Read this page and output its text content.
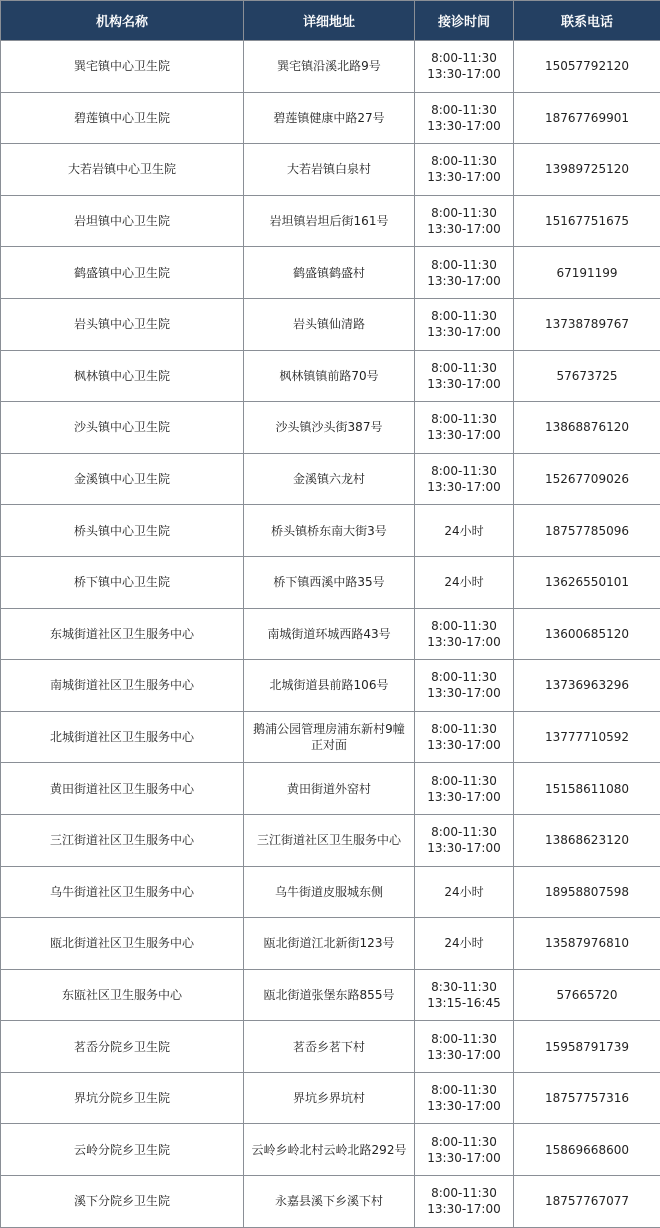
机构名称	详细地址	接诊时间	联系电话
巽宅镇中心卫生院	巽宅镇沿溪北路9号	8:00-11:30
13:30-17:00	15057792120
碧莲镇中心卫生院	碧莲镇健康中路27号	8:00-11:30
13:30-17:00	18767769901
大若岩镇中心卫生院	大若岩镇白泉村	8:00-11:30
13:30-17:00	13989725120
岩坦镇中心卫生院	岩坦镇岩坦后街161号	8:00-11:30
13:30-17:00	15167751675
鹤盛镇中心卫生院	鹤盛镇鹤盛村	8:00-11:30
13:30-17:00	67191199
岩头镇中心卫生院	岩头镇仙清路	8:00-11:30
13:30-17:00	13738789767
枫林镇中心卫生院	枫林镇镇前路70号	8:00-11:30
13:30-17:00	57673725
沙头镇中心卫生院	沙头镇沙头街387号	8:00-11:30
13:30-17:00	13868876120
金溪镇中心卫生院	金溪镇六龙村	8:00-11:30
13:30-17:00	15267709026
桥头镇中心卫生院	桥头镇桥东南大街3号	24小时	18757785096
桥下镇中心卫生院	桥下镇西溪中路35号	24小时	13626550101
东城街道社区卫生服务中心	南城街道环城西路43号	8:00-11:30
13:30-17:00	13600685120
南城街道社区卫生服务中心	北城街道县前路106号	8:00-11:30
13:30-17:00	13736963296
北城街道社区卫生服务中心	鹅浦公园管理房浦东新村9幢正对面	8:00-11:30
13:30-17:00	13777710592
黄田街道社区卫生服务中心	黄田街道外窑村	8:00-11:30
13:30-17:00	15158611080
三江街道社区卫生服务中心	三江街道社区卫生服务中心	8:00-11:30
13:30-17:00	13868623120
乌牛街道社区卫生服务中心	乌牛街道皮服城东侧	24小时	18958807598
瓯北街道社区卫生服务中心	瓯北街道江北新街123号	24小时	13587976810
东瓯社区卫生服务中心	瓯北街道张堡东路855号	8:30-11:30
13:15-16:45	57665720
茗岙分院乡卫生院	茗岙乡茗下村	8:00-11:30
13:30-17:00	15958791739
界坑分院乡卫生院	界坑乡界坑村	8:00-11:30
13:30-17:00	18757757316
云岭分院乡卫生院	云岭乡岭北村云岭北路292号	8:00-11:30
13:30-17:00	15869668600
溪下分院乡卫生院	永嘉县溪下乡溪下村	8:00-11:30
13:30-17:00	18757767077
